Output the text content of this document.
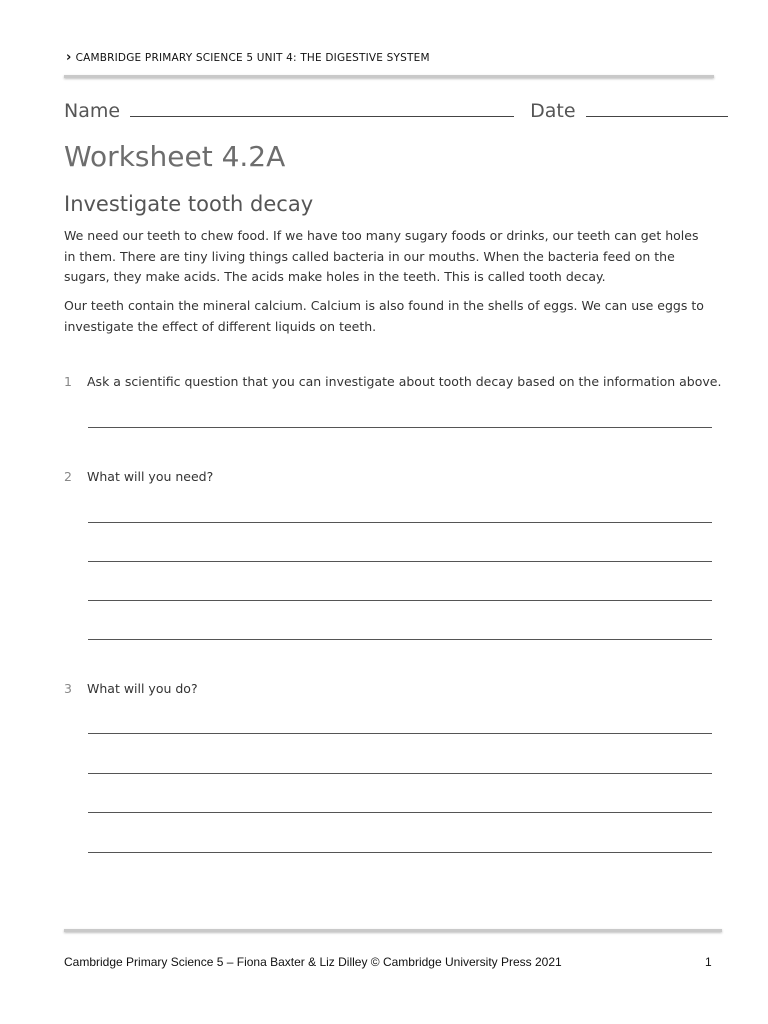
› CAMBRIDGE PRIMARY SCIENCE 5 UNIT 4: THE DIGESTIVE SYSTEM
Name	Date
Worksheet 4.2A
Investigate tooth decay

We need our teeth to chew food. If we have too many sugary foods or drinks, our teeth can get holes in them. There are tiny living things called bacteria in our mouths. When the bacteria feed on the sugars, they make acids. The acids make holes in the teeth. This is called tooth decay.

Our teeth contain the mineral calcium. Calcium is also found in the shells of eggs. We can use eggs to investigate the effect of different liquids on teeth.

1 Ask a scientific question that you can investigate about tooth decay based on the information above.
2 What will you need?
3 What will you do?
Cambridge Primary Science 5 – Fiona Baxter & Liz Dilley © Cambridge University Press 2021	1
